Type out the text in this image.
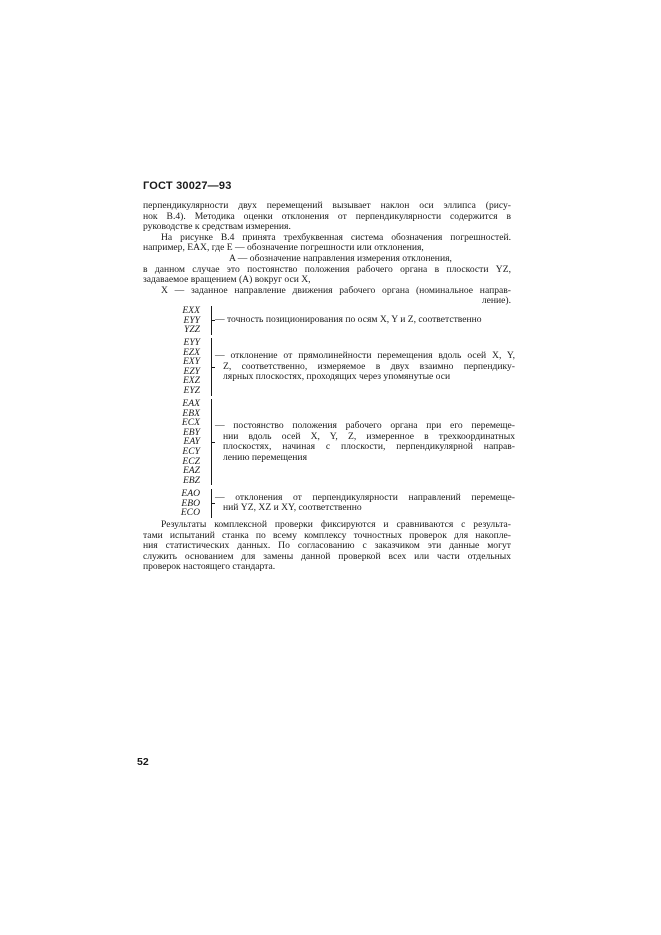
ГОСТ 30027—93
перпендикулярности двух перемещений вызывает наклон оси эллипса (рису-
нок В.4). Методика оценки отклонения от перпендикулярности содержится в
руководстве к средствам измерения.
На рисунке В.4 принята трехбуквенная система обозначения погрешностей.
например, EAX, где E — обозначение погрешности или отклонения,
A — обозначение направления измерения отклонения,
в данном случае это постоянство положения рабочего органа в плоскости YZ,
задаваемое вращением (A) вокруг оси X,
X — заданное направление движения рабочего органа (номинальное направ-
ление).
EXX
EYY
YZZ
— точность позиционирования по осям X, Y и Z, соответственно
EYY
EZX
EXY
EZY
EXZ
EYZ
— отклонение от прямолинейности перемещения вдоль осей X, Y,
Z, соответственно, измеряемое в двух взаимно перпендику-
лярных плоскостях, проходящих через упомянутые оси
EAX
EBX
ECX
EBY
EAY
ECY
ECZ
EAZ
EBZ
— постоянство положения рабочего органа при его перемеще-
нии вдоль осей X, Y, Z, измеренное в трехкоординатных
плоскостях, начиная с плоскости, перпендикулярной направ-
лению перемещения
EAO
EBO
ECO
— отклонения от перпендикулярности направлений перемеще-
ний YZ, XZ и XY, соответственно
Результаты комплексной проверки фиксируются и сравниваются с результа-
тами испытаний станка по всему комплексу точностных проверок для накопле-
ния статистических данных. По согласованию с заказчиком эти данные могут
служить основанием для замены данной проверкой всех или части отдельных
проверок настоящего стандарта.
52
